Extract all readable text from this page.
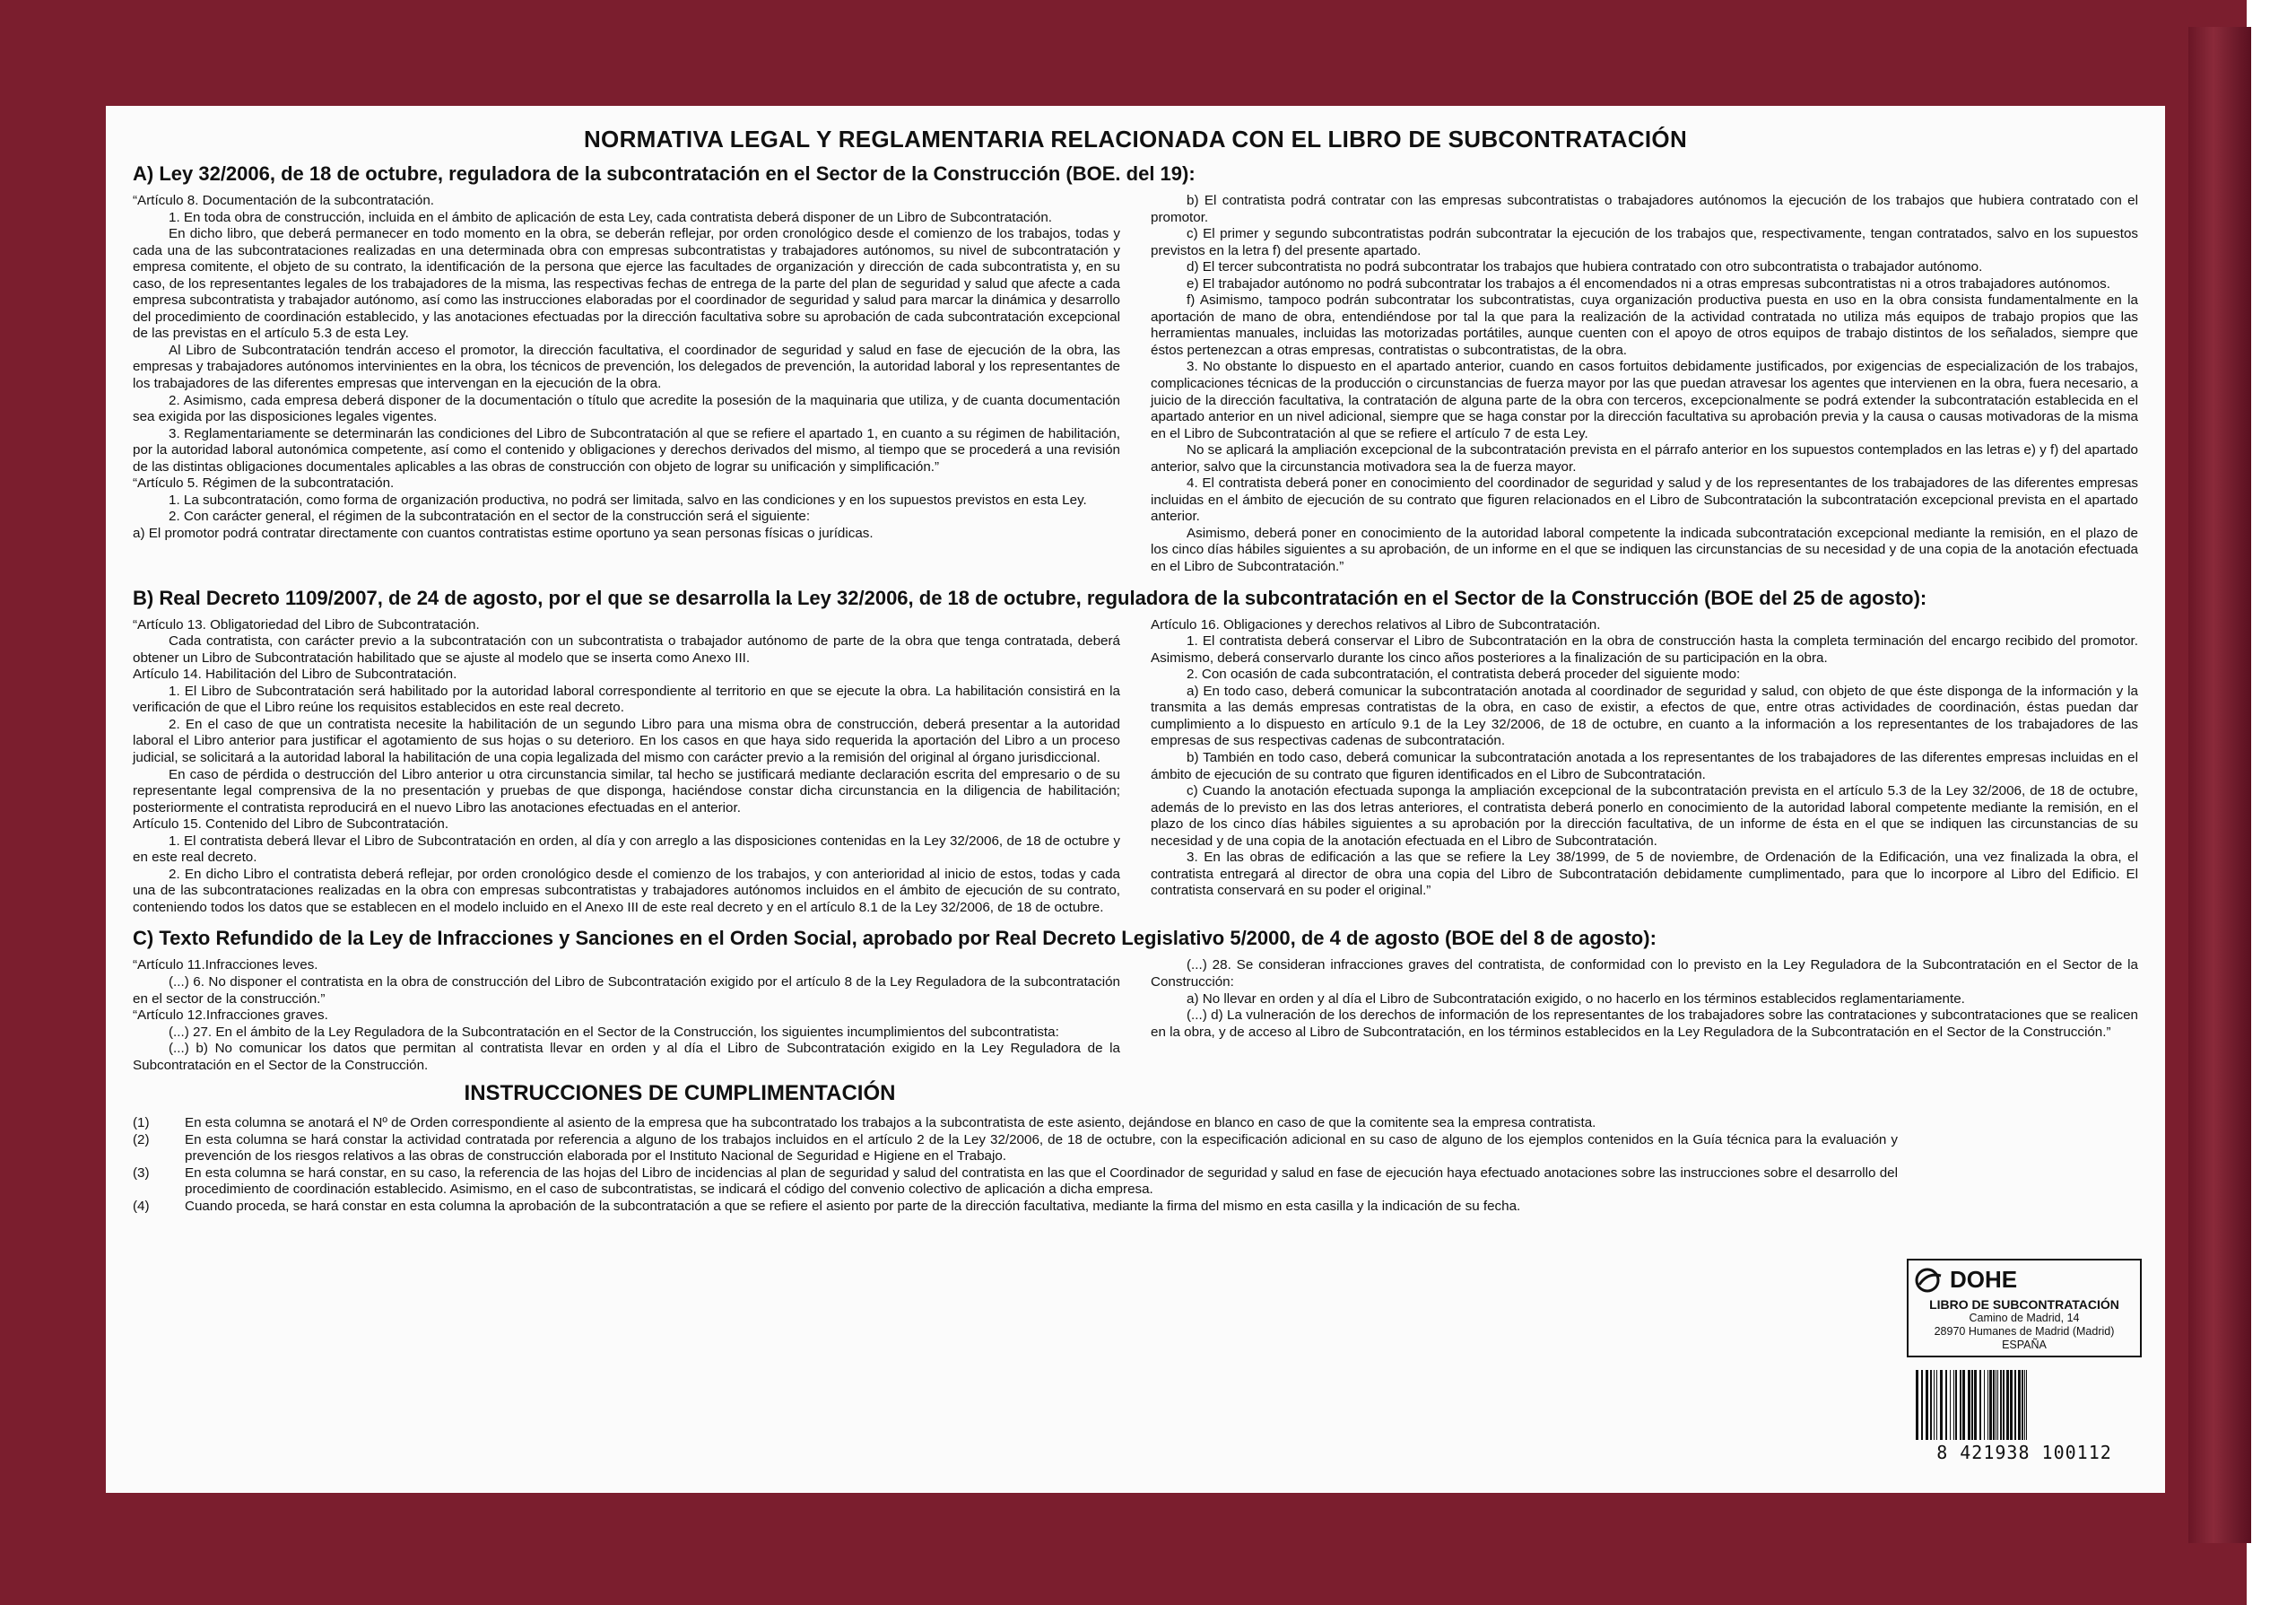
NORMATIVA LEGAL Y REGLAMENTARIA RELACIONADA CON EL LIBRO DE SUBCONTRATACIÓN
A) Ley 32/2006, de 18 de octubre, reguladora de la subcontratación en el Sector de la Construcción (BOE. del 19):

“Artículo 8. Documentación de la subcontratación.

1. En toda obra de construcción, incluida en el ámbito de aplicación de esta Ley, cada contratista deberá disponer de un Libro de Subcontratación.

En dicho libro, que deberá permanecer en todo momento en la obra, se deberán reflejar, por orden cronológico desde el comienzo de los trabajos, todas y cada una de las subcontrataciones realizadas en una determinada obra con empresas subcontratistas y trabajadores autónomos, su nivel de subcontratación y empresa comitente, el objeto de su contrato, la identificación de la persona que ejerce las facultades de organización y dirección de cada subcontratista y, en su caso, de los representantes legales de los trabajadores de la misma, las respectivas fechas de entrega de la parte del plan de seguridad y salud que afecte a cada empresa subcontratista y trabajador autónomo, así como las instrucciones elaboradas por el coordinador de seguridad y salud para marcar la dinámica y desarrollo del procedimiento de coordinación establecido, y las anotaciones efectuadas por la dirección facultativa sobre su aprobación de cada subcontratación excepcional de las previstas en el artículo 5.3 de esta Ley.

Al Libro de Subcontratación tendrán acceso el promotor, la dirección facultativa, el coordinador de seguridad y salud en fase de ejecución de la obra, las empresas y trabajadores autónomos intervinientes en la obra, los técnicos de prevención, los delegados de prevención, la autoridad laboral y los representantes de los trabajadores de las diferentes empresas que intervengan en la ejecución de la obra.

2. Asimismo, cada empresa deberá disponer de la documentación o título que acredite la posesión de la maquinaria que utiliza, y de cuanta documentación sea exigida por las disposiciones legales vigentes.

3. Reglamentariamente se determinarán las condiciones del Libro de Subcontratación al que se refiere el apartado 1, en cuanto a su régimen de habilitación, por la autoridad laboral autonómica competente, así como el contenido y obligaciones y derechos derivados del mismo, al tiempo que se procederá a una revisión de las distintas obligaciones documentales aplicables a las obras de construcción con objeto de lograr su unificación y simplificación.”

“Artículo 5. Régimen de la subcontratación.

1. La subcontratación, como forma de organización productiva, no podrá ser limitada, salvo en las condiciones y en los supuestos previstos en esta Ley.

2. Con carácter general, el régimen de la subcontratación en el sector de la construcción será el siguiente:

a) El promotor podrá contratar directamente con cuantos contratistas estime oportuno ya sean personas físicas o jurídicas.

b) El contratista podrá contratar con las empresas subcontratistas o trabajadores autónomos la ejecución de los trabajos que hubiera contratado con el promotor.

c) El primer y segundo subcontratistas podrán subcontratar la ejecución de los trabajos que, respectivamente, tengan contratados, salvo en los supuestos previstos en la letra f) del presente apartado.

d) El tercer subcontratista no podrá subcontratar los trabajos que hubiera contratado con otro subcontratista o trabajador autónomo.

e) El trabajador autónomo no podrá subcontratar los trabajos a él encomendados ni a otras empresas subcontratistas ni a otros trabajadores autónomos.

f) Asimismo, tampoco podrán subcontratar los subcontratistas, cuya organización productiva puesta en uso en la obra consista fundamentalmente en la aportación de mano de obra, entendiéndose por tal la que para la realización de la actividad contratada no utiliza más equipos de trabajo propios que las herramientas manuales, incluidas las motorizadas portátiles, aunque cuenten con el apoyo de otros equipos de trabajo distintos de los señalados, siempre que éstos pertenezcan a otras empresas, contratistas o subcontratistas, de la obra.

3. No obstante lo dispuesto en el apartado anterior, cuando en casos fortuitos debidamente justificados, por exigencias de especialización de los trabajos, complicaciones técnicas de la producción o circunstancias de fuerza mayor por las que puedan atravesar los agentes que intervienen en la obra, fuera necesario, a juicio de la dirección facultativa, la contratación de alguna parte de la obra con terceros, excepcionalmente se podrá extender la subcontratación establecida en el apartado anterior en un nivel adicional, siempre que se haga constar por la dirección facultativa su aprobación previa y la causa o causas motivadoras de la misma en el Libro de Subcontratación al que se refiere el artículo 7 de esta Ley.

No se aplicará la ampliación excepcional de la subcontratación prevista en el párrafo anterior en los supuestos contemplados en las letras e) y f) del apartado anterior, salvo que la circunstancia motivadora sea la de fuerza mayor.

4. El contratista deberá poner en conocimiento del coordinador de seguridad y salud y de los representantes de los trabajadores de las diferentes empresas incluidas en el ámbito de ejecución de su contrato que figuren relacionados en el Libro de Subcontratación la subcontratación excepcional prevista en el apartado anterior.

Asimismo, deberá poner en conocimiento de la autoridad laboral competente la indicada subcontratación excepcional mediante la remisión, en el plazo de los cinco días hábiles siguientes a su aprobación, de un informe en el que se indiquen las circunstancias de su necesidad y de una copia de la anotación efectuada en el Libro de Subcontratación.”

B) Real Decreto 1109/2007, de 24 de agosto, por el que se desarrolla la Ley 32/2006, de 18 de octubre, reguladora de la subcontratación en el Sector de la Construcción (BOE del 25 de agosto):

“Artículo 13. Obligatoriedad del Libro de Subcontratación.

Cada contratista, con carácter previo a la subcontratación con un subcontratista o trabajador autónomo de parte de la obra que tenga contratada, deberá obtener un Libro de Subcontratación habilitado que se ajuste al modelo que se inserta como Anexo III.

Artículo 14. Habilitación del Libro de Subcontratación.

1. El Libro de Subcontratación será habilitado por la autoridad laboral correspondiente al territorio en que se ejecute la obra. La habilitación consistirá en la verificación de que el Libro reúne los requisitos establecidos en este real decreto.

2. En el caso de que un contratista necesite la habilitación de un segundo Libro para una misma obra de construcción, deberá presentar a la autoridad laboral el Libro anterior para justificar el agotamiento de sus hojas o su deterioro. En los casos en que haya sido requerida la aportación del Libro a un proceso judicial, se solicitará a la autoridad laboral la habilitación de una copia legalizada del mismo con carácter previo a la remisión del original al órgano jurisdiccional.

En caso de pérdida o destrucción del Libro anterior u otra circunstancia similar, tal hecho se justificará mediante declaración escrita del empresario o de su representante legal comprensiva de la no presentación y pruebas de que disponga, haciéndose constar dicha circunstancia en la diligencia de habilitación; posteriormente el contratista reproducirá en el nuevo Libro las anotaciones efectuadas en el anterior.

Artículo 15. Contenido del Libro de Subcontratación.

1. El contratista deberá llevar el Libro de Subcontratación en orden, al día y con arreglo a las disposiciones contenidas en la Ley 32/2006, de 18 de octubre y en este real decreto.

2. En dicho Libro el contratista deberá reflejar, por orden cronológico desde el comienzo de los trabajos, y con anterioridad al inicio de estos, todas y cada una de las subcontrataciones realizadas en la obra con empresas subcontratistas y trabajadores autónomos incluidos en el ámbito de ejecución de su contrato, conteniendo todos los datos que se establecen en el modelo incluido en el Anexo III de este real decreto y en el artículo 8.1 de la Ley 32/2006, de 18 de octubre.

Artículo 16. Obligaciones y derechos relativos al Libro de Subcontratación.

1. El contratista deberá conservar el Libro de Subcontratación en la obra de construcción hasta la completa terminación del encargo recibido del promotor. Asimismo, deberá conservarlo durante los cinco años posteriores a la finalización de su participación en la obra.

2. Con ocasión de cada subcontratación, el contratista deberá proceder del siguiente modo:

a) En todo caso, deberá comunicar la subcontratación anotada al coordinador de seguridad y salud, con objeto de que éste disponga de la información y la transmita a las demás empresas contratistas de la obra, en caso de existir, a efectos de que, entre otras actividades de coordinación, éstas puedan dar cumplimiento a lo dispuesto en artículo 9.1 de la Ley 32/2006, de 18 de octubre, en cuanto a la información a los representantes de los trabajadores de las empresas de sus respectivas cadenas de subcontratación.

b) También en todo caso, deberá comunicar la subcontratación anotada a los representantes de los trabajadores de las diferentes empresas incluidas en el ámbito de ejecución de su contrato que figuren identificados en el Libro de Subcontratación.

c) Cuando la anotación efectuada suponga la ampliación excepcional de la subcontratación prevista en el artículo 5.3 de la Ley 32/2006, de 18 de octubre, además de lo previsto en las dos letras anteriores, el contratista deberá ponerlo en conocimiento de la autoridad laboral competente mediante la remisión, en el plazo de los cinco días hábiles siguientes a su aprobación por la dirección facultativa, de un informe de ésta en el que se indiquen las circunstancias de su necesidad y de una copia de la anotación efectuada en el Libro de Subcontratación.

3. En las obras de edificación a las que se refiere la Ley 38/1999, de 5 de noviembre, de Ordenación de la Edificación, una vez finalizada la obra, el contratista entregará al director de obra una copia del Libro de Subcontratación debidamente cumplimentado, para que lo incorpore al Libro del Edificio. El contratista conservará en su poder el original.”

C) Texto Refundido de la Ley de Infracciones y Sanciones en el Orden Social, aprobado por Real Decreto Legislativo 5/2000, de 4 de agosto (BOE del 8 de agosto):

“Artículo 11.Infracciones leves.

(...) 6. No disponer el contratista en la obra de construcción del Libro de Subcontratación exigido por el artículo 8 de la Ley Reguladora de la subcontratación en el sector de la construcción.”

“Artículo 12.Infracciones graves.

(...) 27. En el ámbito de la Ley Reguladora de la Subcontratación en el Sector de la Construcción, los siguientes incumplimientos del subcontratista:

(...) b) No comunicar los datos que permitan al contratista llevar en orden y al día el Libro de Subcontratación exigido en la Ley Reguladora de la Subcontratación en el Sector de la Construcción.

(...) 28. Se consideran infracciones graves del contratista, de conformidad con lo previsto en la Ley Reguladora de la Subcontratación en el Sector de la Construcción:

a) No llevar en orden y al día el Libro de Subcontratación exigido, o no hacerlo en los términos establecidos reglamentariamente.

(...) d) La vulneración de los derechos de información de los representantes de los trabajadores sobre las contrataciones y subcontrataciones que se realicen en la obra, y de acceso al Libro de Subcontratación, en los términos establecidos en la Ley Reguladora de la Subcontratación en el Sector de la Construcción.”

INSTRUCCIONES DE CUMPLIMENTACIÓN
(1)	En esta columna se anotará el Nº de Orden correspondiente al asiento de la empresa que ha subcontratado los trabajos a la subcontratista de este asiento, dejándose en blanco en caso de que la comitente sea la empresa contratista.
(2)	En esta columna se hará constar la actividad contratada por referencia a alguno de los trabajos incluidos en el artículo 2 de la Ley 32/2006, de 18 de octubre, con la especificación adicional en su caso de alguno de los ejemplos contenidos en la Guía técnica para la evaluación y prevención de los riesgos relativos a las obras de construcción elaborada por el Instituto Nacional de Seguridad e Higiene en el Trabajo.
(3)	En esta columna se hará constar, en su caso, la referencia de las hojas del Libro de incidencias al plan de seguridad y salud del contratista en las que el Coordinador de seguridad y salud en fase de ejecución haya efectuado anotaciones sobre las instrucciones sobre el desarrollo del procedimiento de coordinación establecido. Asimismo, en el caso de subcontratistas, se indicará el código del convenio colectivo de aplicación a dicha empresa.
(4)	Cuando proceda, se hará constar en esta columna la aprobación de la subcontratación a que se refiere el asiento por parte de la dirección facultativa, mediante la firma del mismo en esta casilla y la indicación de su fecha.
DOHE
LIBRO DE SUBCONTRATACIÓN
Camino de Madrid, 14
28970 Humanes de Madrid (Madrid) ESPAÑA
8 421938 100112
